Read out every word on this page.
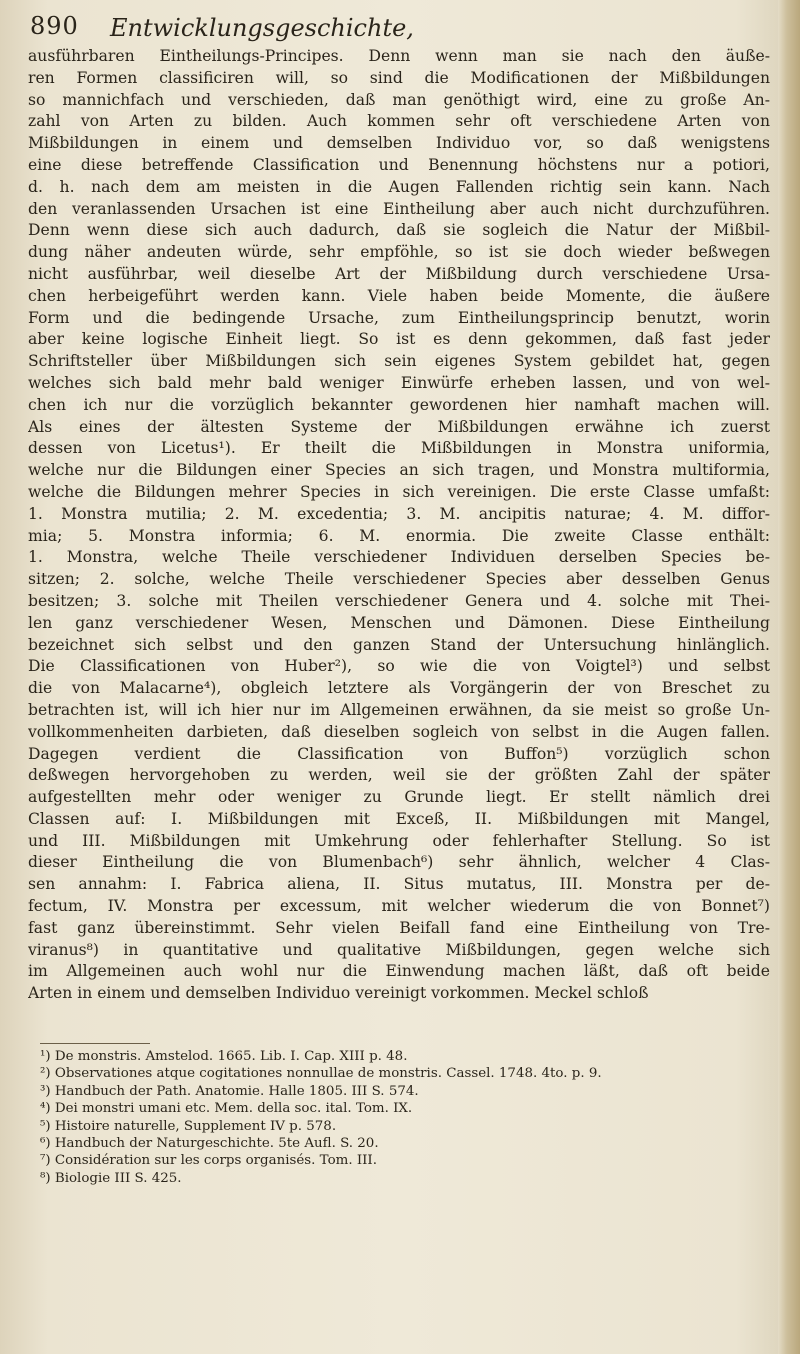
890 Entwicklungsgeschichte,
ausführbaren Eintheilungs-Principes. Denn wenn man sie nach den äuße-
ren Formen classificiren will, so sind die Modificationen der Mißbildungen
so mannichfach und verschieden, daß man genöthigt wird, eine zu große An-
zahl von Arten zu bilden. Auch kommen sehr oft verschiedene Arten von
Mißbildungen in einem und demselben Individuo vor, so daß wenigstens
eine diese betreffende Classification und Benennung höchstens nur a potiori,
d. h. nach dem am meisten in die Augen Fallenden richtig sein kann. Nach
den veranlassenden Ursachen ist eine Eintheilung aber auch nicht durchzuführen.
Denn wenn diese sich auch dadurch, daß sie sogleich die Natur der Mißbil-
dung näher andeuten würde, sehr empföhle, so ist sie doch wieder beßwegen
nicht ausführbar, weil dieselbe Art der Mißbildung durch verschiedene Ursa-
chen herbeigeführt werden kann. Viele haben beide Momente, die äußere
Form und die bedingende Ursache, zum Eintheilungsprincip benutzt, worin
aber keine logische Einheit liegt. So ist es denn gekommen, daß fast jeder
Schriftsteller über Mißbildungen sich sein eigenes System gebildet hat, gegen
welches sich bald mehr bald weniger Einwürfe erheben lassen, und von wel-
chen ich nur die vorzüglich bekannter gewordenen hier namhaft machen will.
Als eines der ältesten Systeme der Mißbildungen erwähne ich zuerst
dessen von Licetus¹). Er theilt die Mißbildungen in Monstra uniformia,
welche nur die Bildungen einer Species an sich tragen, und Monstra multiformia,
welche die Bildungen mehrer Species in sich vereinigen. Die erste Classe umfaßt:
1. Monstra mutilia; 2. M. excedentia; 3. M. ancipitis naturae; 4. M. diffor-
mia; 5. Monstra informia; 6. M. enormia. Die zweite Classe enthält:
1. Monstra, welche Theile verschiedener Individuen derselben Species be-
sitzen; 2. solche, welche Theile verschiedener Species aber desselben Genus
besitzen; 3. solche mit Theilen verschiedener Genera und 4. solche mit Thei-
len ganz verschiedener Wesen, Menschen und Dämonen. Diese Eintheilung
bezeichnet sich selbst und den ganzen Stand der Untersuchung hinlänglich.
Die Classificationen von Huber²), so wie die von Voigtel³) und selbst
die von Malacarne⁴), obgleich letztere als Vorgängerin der von Breschet zu
betrachten ist, will ich hier nur im Allgemeinen erwähnen, da sie meist so große Un-
vollkommenheiten darbieten, daß dieselben sogleich von selbst in die Augen fallen.
Dagegen verdient die Classification von Buffon⁵) vorzüglich schon
deßwegen hervorgehoben zu werden, weil sie der größten Zahl der später
aufgestellten mehr oder weniger zu Grunde liegt. Er stellt nämlich drei
Classen auf: I. Mißbildungen mit Exceß, II. Mißbildungen mit Mangel,
und III. Mißbildungen mit Umkehrung oder fehlerhafter Stellung. So ist
dieser Eintheilung die von Blumenbach⁶) sehr ähnlich, welcher 4 Clas-
sen annahm: I. Fabrica aliena, II. Situs mutatus, III. Monstra per de-
fectum, IV. Monstra per excessum, mit welcher wiederum die von Bonnet⁷)
fast ganz übereinstimmt. Sehr vielen Beifall fand eine Eintheilung von Tre-
viranus⁸) in quantitative und qualitative Mißbildungen, gegen welche sich
im Allgemeinen auch wohl nur die Einwendung machen läßt, daß oft beide
Arten in einem und demselben Individuo vereinigt vorkommen. Meckel schloß
¹) De monstris. Amstelod. 1665. Lib. I. Cap. XIII p. 48.
²) Observationes atque cogitationes nonnullae de monstris. Cassel. 1748. 4to. p. 9.
³) Handbuch der Path. Anatomie. Halle 1805. III S. 574.
⁴) Dei monstri umani etc. Mem. della soc. ital. Tom. IX.
⁵) Histoire naturelle, Supplement IV p. 578.
⁶) Handbuch der Naturgeschichte. 5te Aufl. S. 20.
⁷) Considération sur les corps organisés. Tom. III.
⁸) Biologie III S. 425.
